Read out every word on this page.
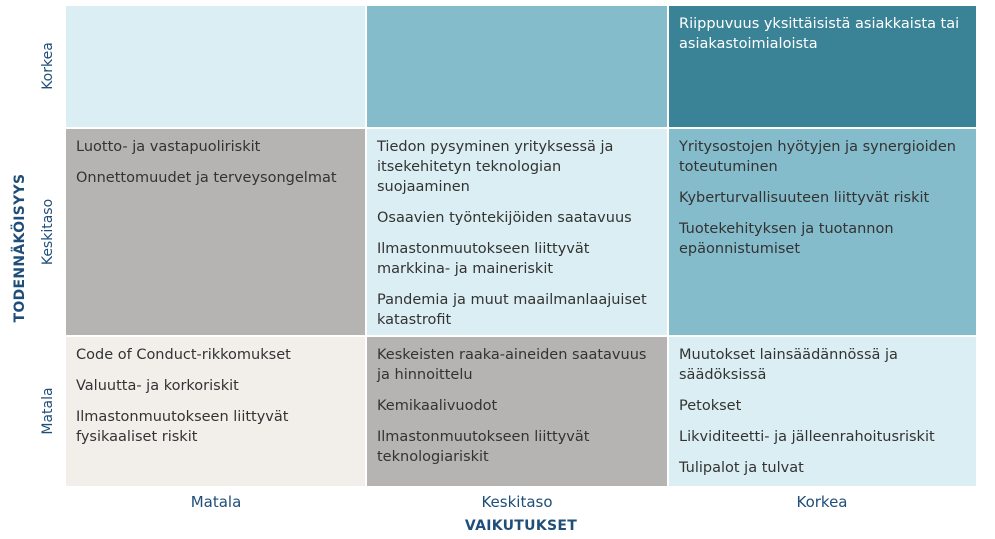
TODENNÄKÖISYYS
Korkea
Keskitaso
Matala
Riippuvuus yksittäisistä asiakkaista tai asiakastoimialoista
Luotto- ja vastapuoliriskit
Onnettomuudet ja terveysongelmat
Tiedon pysyminen yrityksessä ja itsekehitetyn teknologian suojaaminen
Osaavien työntekijöiden saatavuus
Ilmastonmuutokseen liittyvät markkina- ja maineriskit
Pandemia ja muut maailmanlaajuiset katastrofit
Yritysostojen hyötyjen ja synergioiden toteutuminen
Kyberturvallisuuteen liittyvät riskit
Tuotekehityksen ja tuotannon epäonnistumiset
Code of Conduct-rikkomukset
Valuutta- ja korkoriskit
Ilmastonmuutokseen liittyvät fysikaaliset riskit
Keskeisten raaka-aineiden saatavuus ja hinnoittelu
Kemikaalivuodot
Ilmastonmuutokseen liittyvät teknologiariskit
Muutokset lainsäädännössä ja säädöksissä
Petokset
Likviditeetti- ja jälleenrahoitusriskit
Tulipalot ja tulvat
Matala	Keskitaso	Korkea
VAIKUTUKSET
